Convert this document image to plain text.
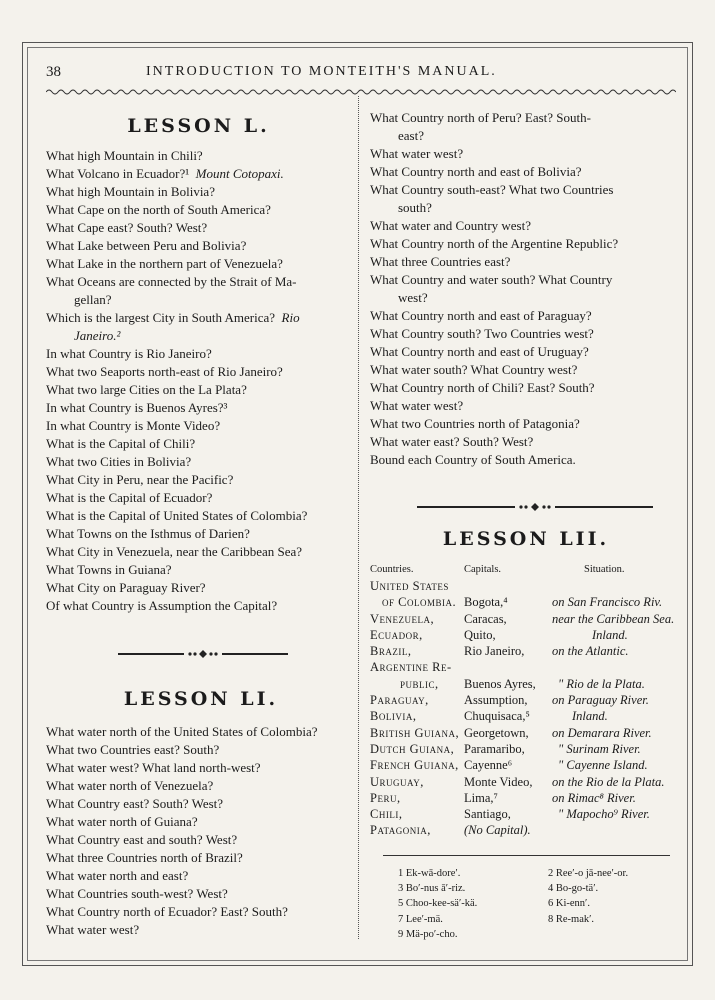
38	INTRODUCTION TO MONTEITH'S MANUAL.
LESSON L.

What high Mountain in Chili?

What Volcano in Ecuador?¹ Mount Cotopaxi.

What high Mountain in Bolivia?

What Cape on the north of South America?

What Cape east? South? West?

What Lake between Peru and Bolivia?

What Lake in the northern part of Venezuela?

What Oceans are connected by the Strait of Ma-

gellan?

Which is the largest City in South America? Rio

Janeiro.²

In what Country is Rio Janeiro?

What two Seaports north-east of Rio Janeiro?

What two large Cities on the La Plata?

In what Country is Buenos Ayres?³

In what Country is Monte Video?

What is the Capital of Chili?

What two Cities in Bolivia?

What City in Peru, near the Pacific?

What is the Capital of Ecuador?

What is the Capital of United States of Colombia?

What Towns on the Isthmus of Darien?

What City in Venezuela, near the Caribbean Sea?

What Towns in Guiana?

What City on Paraguay River?

Of what Country is Assumption the Capital?

LESSON LI.

What water north of the United States of Colombia?

What two Countries east? South?

What water west? What land north-west?

What water north of Venezuela?

What Country east? South? West?

What water north of Guiana?

What Country east and south? West?

What three Countries north of Brazil?

What water north and east?

What Countries south-west? West?

What Country north of Ecuador? East? South?

What water west?

What Country north of Peru? East? South-

east?

What water west?

What Country north and east of Bolivia?

What Country south-east? What two Countries

south?

What water and Country west?

What Country north of the Argentine Republic?

What three Countries east?

What Country and water south? What Country

west?

What Country north and east of Paraguay?

What Country south? Two Countries west?

What Country north and east of Uruguay?

What water south? What Country west?

What Country north of Chili? East? South?

What water west?

What two Countries north of Patagonia?

What water east? South? West?

Bound each Country of South America.

LESSON LII.
Countries.	Capitals.	Situation.
United States		
of Colombia.	Bogota,⁴	on San Francisco Riv.
Venezuela,	Caracas,	near the Caribbean Sea.
Ecuador,	Quito,	Inland.
Brazil,	Rio Janeiro,	on the Atlantic.
Argentine Re-		
public,	Buenos Ayres,	" Rio de la Plata.
Paraguay,	Assumption,	on Paraguay River.
Bolivia,	Chuquisaca,⁵	Inland.
British Guiana,	Georgetown,	on Demarara River.
Dutch Guiana,	Paramaribo,	" Surinam River.
French Guiana,	Cayenne⁶	" Cayenne Island.
Uruguay,	Monte Video,	on the Rio de la Plata.
Peru,	Lima,⁷	on Rimac⁸ River.
Chili,	Santiago,	" Mapocho⁹ River.
Patagonia,	(No Capital).	
1 Ek-wā-dore′.	2 Ree′-o jā-nee′-or.
3 Bo′-nus ā′-riz.	4 Bo-go-tä′.
5 Choo-kee-sä′-kä.	6 Ki-enn′.
7 Lee′-mä.	8 Re-mak′.
9 Mä-po′-cho.
